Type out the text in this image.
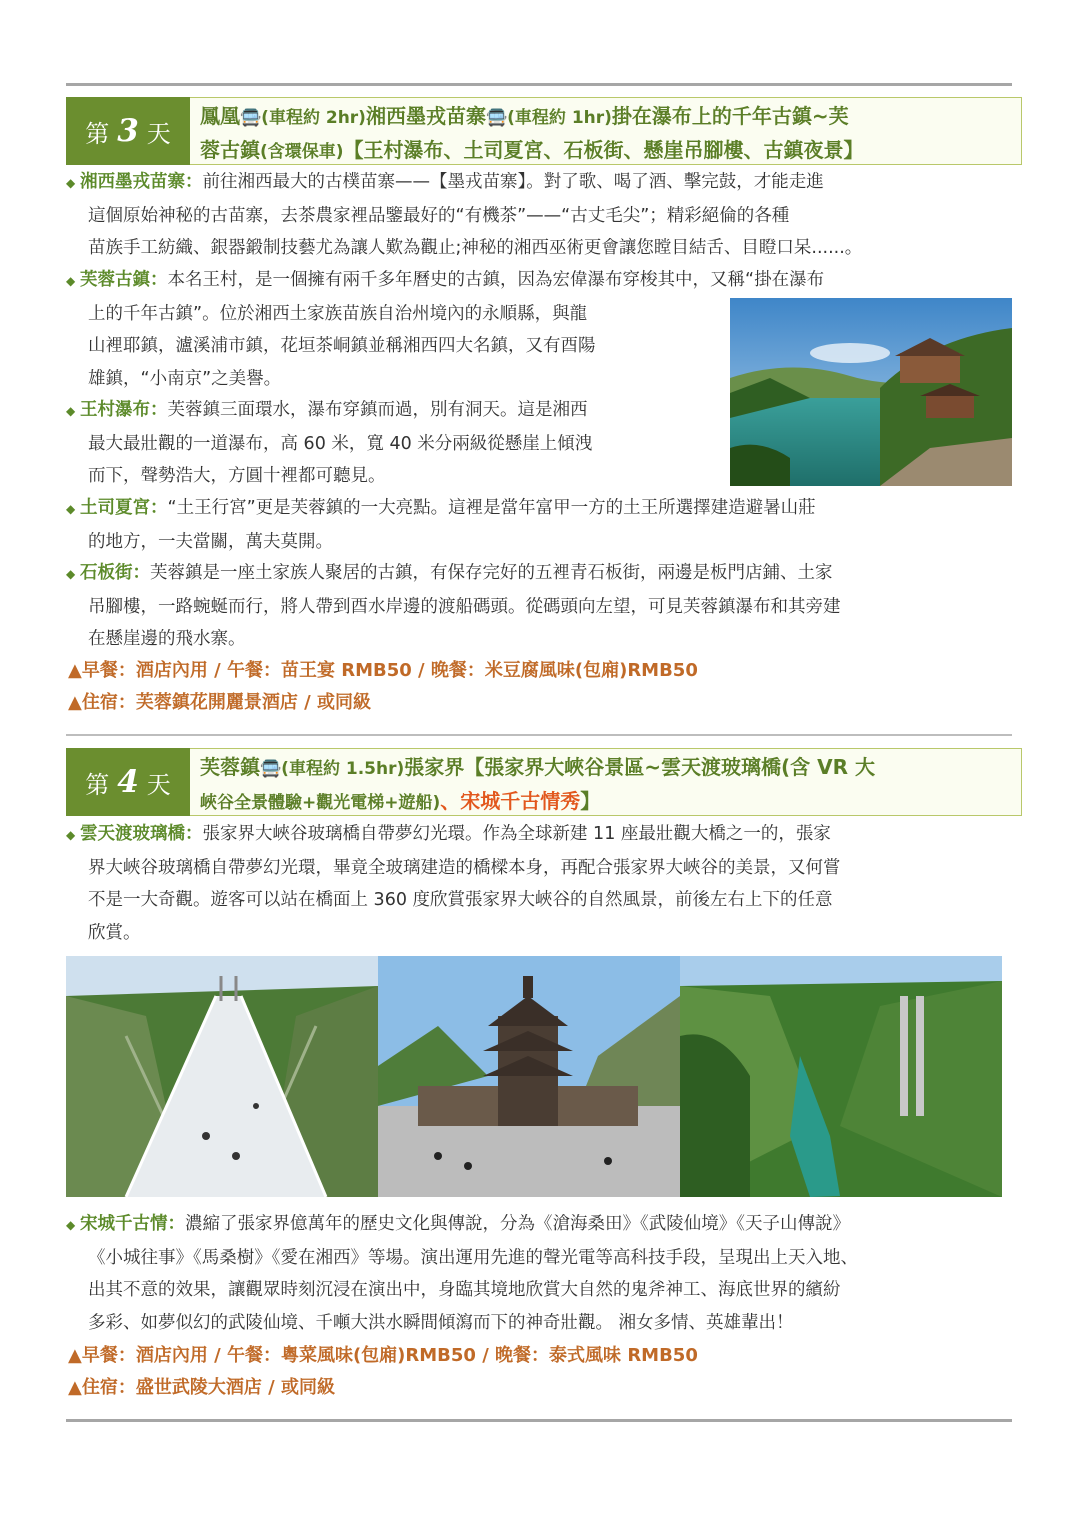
第 3 天
鳳凰🚍(車程約 2hr)湘西墨戎苗寨🚍(車程約 1hr)掛在瀑布上的千年古鎮~芙
蓉古鎮(含環保車)【王村瀑布、土司夏宮、石板街、懸崖吊腳樓、古鎮夜景】
◆ 湘西墨戎苗寨：前往湘西最大的古樸苗寨——【墨戎苗寨】。對了歌、喝了酒、擊完鼓，才能走進
這個原始神秘的古苗寨，去茶農家裡品鑒最好的“有機茶”——“古丈毛尖”；精彩絕倫的各種
苗族手工紡織、銀器鍛制技藝尤為讓人歎為觀止;神秘的湘西巫術更會讓您瞠目結舌、目瞪口呆......。
◆ 芙蓉古鎮：本名王村，是一個擁有兩千多年曆史的古鎮，因為宏偉瀑布穿梭其中，又稱“掛在瀑布
上的千年古鎮”。位於湘西土家族苗族自治州境內的永順縣，與龍
山裡耶鎮，瀘溪浦市鎮，花垣茶峒鎮並稱湘西四大名鎮，又有酉陽
雄鎮，“小南京”之美譽。
◆ 王村瀑布：芙蓉鎮三面環水，瀑布穿鎮而過，別有洞天。這是湘西
最大最壯觀的一道瀑布，高 60 米，寬 40 米分兩級從懸崖上傾洩
而下，聲勢浩大，方圓十裡都可聽見。
◆ 土司夏宮：“土王行宮”更是芙蓉鎮的一大亮點。這裡是當年富甲一方的土王所選擇建造避暑山莊
的地方，一夫當關，萬夫莫開。
◆ 石板街：芙蓉鎮是一座土家族人聚居的古鎮，有保存完好的五裡青石板街，兩邊是板門店鋪、土家
吊腳樓，一路蜿蜒而行，將人帶到酉水岸邊的渡船碼頭。從碼頭向左望，可見芙蓉鎮瀑布和其旁建
在懸崖邊的飛水寨。
▲早餐：酒店內用 / 午餐：苗王宴 RMB50 / 晚餐：米豆腐風味(包廂)RMB50
▲住宿：芙蓉鎮花開麗景酒店 / 或同級
第 4 天
芙蓉鎮🚍(車程約 1.5hr)張家界【張家界大峽谷景區~雲天渡玻璃橋(含 VR 大
峽谷全景體驗+觀光電梯+遊船)、宋城千古情秀】
◆ 雲天渡玻璃橋：張家界大峽谷玻璃橋自帶夢幻光環。作為全球新建 11 座最壯觀大橋之一的，張家
界大峽谷玻璃橋自帶夢幻光環，畢竟全玻璃建造的橋樑本身，再配合張家界大峽谷的美景，又何嘗
不是一大奇觀。遊客可以站在橋面上 360 度欣賞張家界大峽谷的自然風景，前後左右上下的任意
欣賞。
◆ 宋城千古情：濃縮了張家界億萬年的歷史文化與傳說，分為《滄海桑田》《武陵仙境》《天子山傳說》
《小城往事》《馬桑樹》《愛在湘西》等場。演出運用先進的聲光電等高科技手段，呈現出上天入地、
出其不意的效果，讓觀眾時刻沉浸在演出中，身臨其境地欣賞大自然的鬼斧神工、海底世界的繽紛
多彩、如夢似幻的武陵仙境、千噸大洪水瞬間傾瀉而下的神奇壯觀。 湘女多情、英雄輩出！
▲早餐：酒店內用 / 午餐：粵菜風味(包廂)RMB50 / 晚餐：泰式風味 RMB50
▲住宿：盛世武陵大酒店 / 或同級
